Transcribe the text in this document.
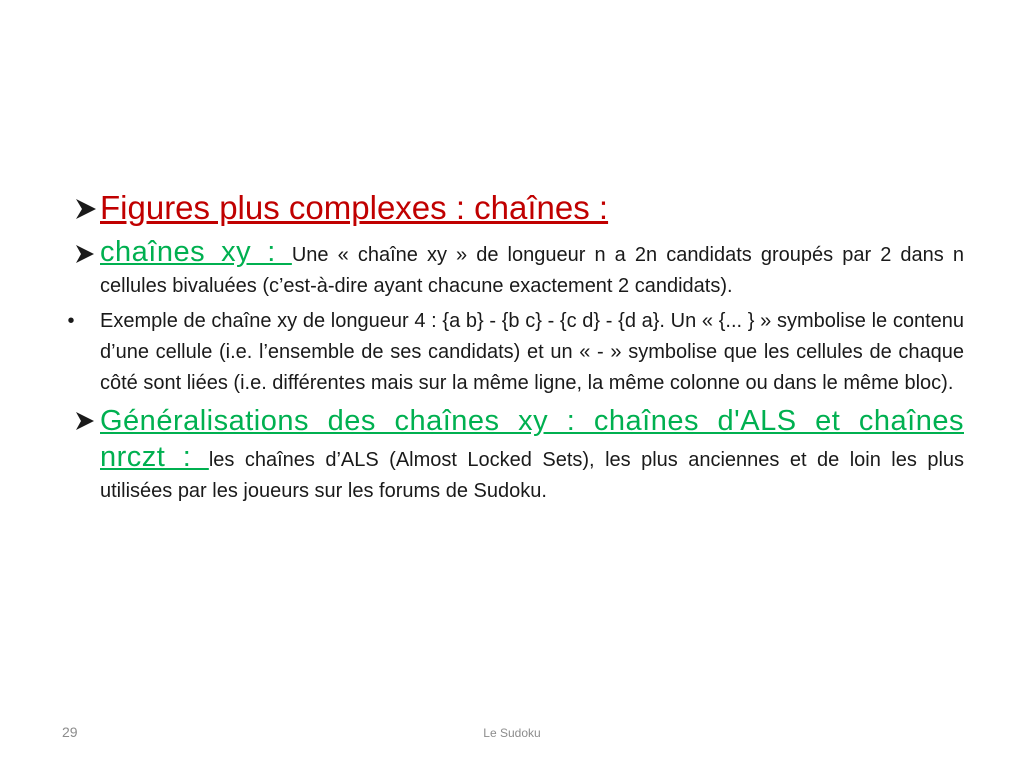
Figures plus complexes : chaînes :
chaînes xy : Une « chaîne xy » de longueur n a 2n candidats groupés par 2 dans n cellules bivaluées (c’est-à-dire ayant chacune exactement 2 candidats).
• Exemple de chaîne xy de longueur 4 : {a b} - {b c} - {c d} - {d a}. Un « {... } » symbolise le contenu d’une cellule (i.e. l’ensemble de ses candidats) et un « - » symbolise que les cellules de chaque côté sont liées (i.e. différentes mais sur la même ligne, la même colonne ou dans le même bloc).
Généralisations des chaînes xy : chaînes d'ALS et chaînes nrczt : les chaînes d’ALS (Almost Locked Sets), les plus anciennes et de loin les plus utilisées par les joueurs sur les forums de Sudoku.
29	Le Sudoku
